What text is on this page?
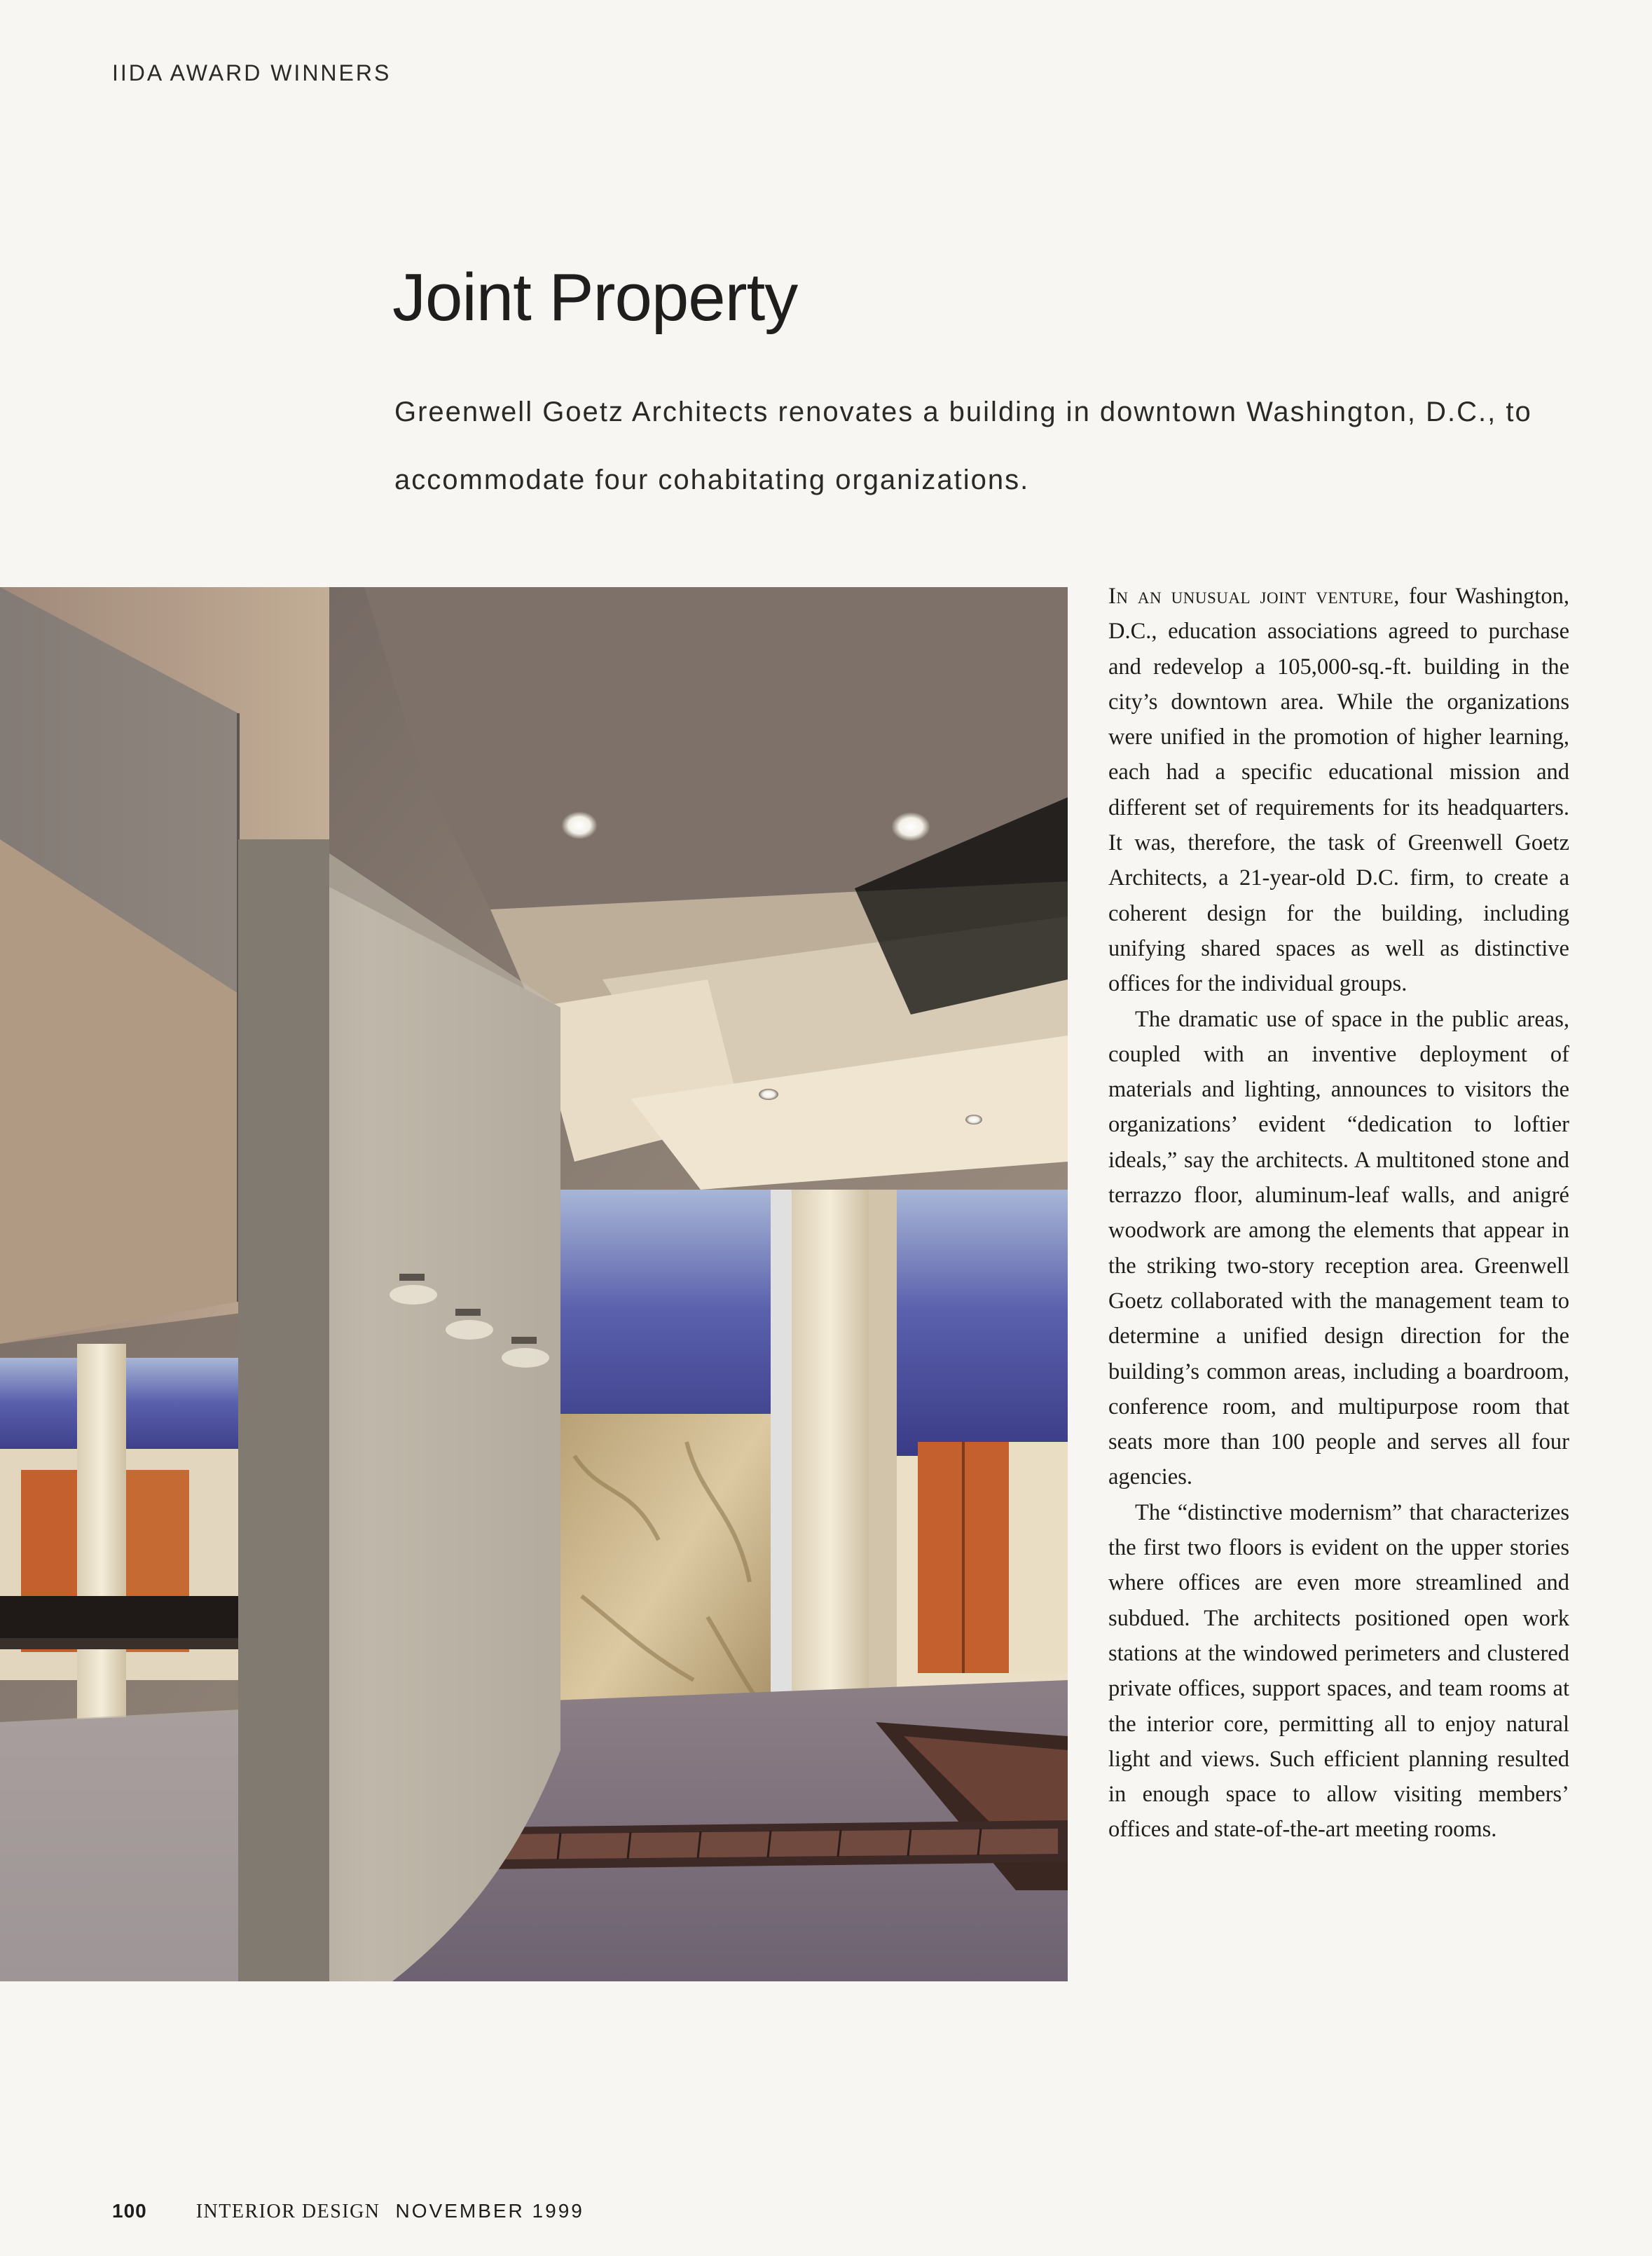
IIDA AWARD WINNERS
Joint Property

Greenwell Goetz Architects renovates a building in downtown Washington, D.C., to accommodate four cohabitating organizations.

In an unusual joint venture, four Washington, D.C., education associations agreed to purchase and redevelop a 105,000-sq.-ft. building in the city’s downtown area. While the organizations were unified in the promotion of higher learning, each had a specific educational mission and different set of requirements for its headquarters. It was, therefore, the task of Greenwell Goetz Architects, a 21-year-old D.C. firm, to create a coherent design for the building, including unifying shared spaces as well as distinctive offices for the individual groups.

The dramatic use of space in the public areas, coupled with an inventive deployment of materials and lighting, announces to visitors the organizations’ evident “dedication to loftier ideals,” say the architects. A multitoned stone and terrazzo floor, aluminum-leaf walls, and anigré woodwork are among the elements that appear in the striking two-story reception area. Greenwell Goetz collaborated with the management team to determine a unified design direction for the building’s common areas, including a boardroom, conference room, and multipurpose room that seats more than 100 people and serves all four agencies.

The “distinctive modernism” that characterizes the first two floors is evident on the upper stories where offices are even more streamlined and subdued. The architects positioned open work stations at the windowed perimeters and clustered private offices, support spaces, and team rooms at the interior core, permitting all to enjoy natural light and views. Such efficient planning resulted in enough space to allow visiting members’ offices and state-of-the-art meeting rooms.

100	INTERIOR DESIGN NOVEMBER 1999
